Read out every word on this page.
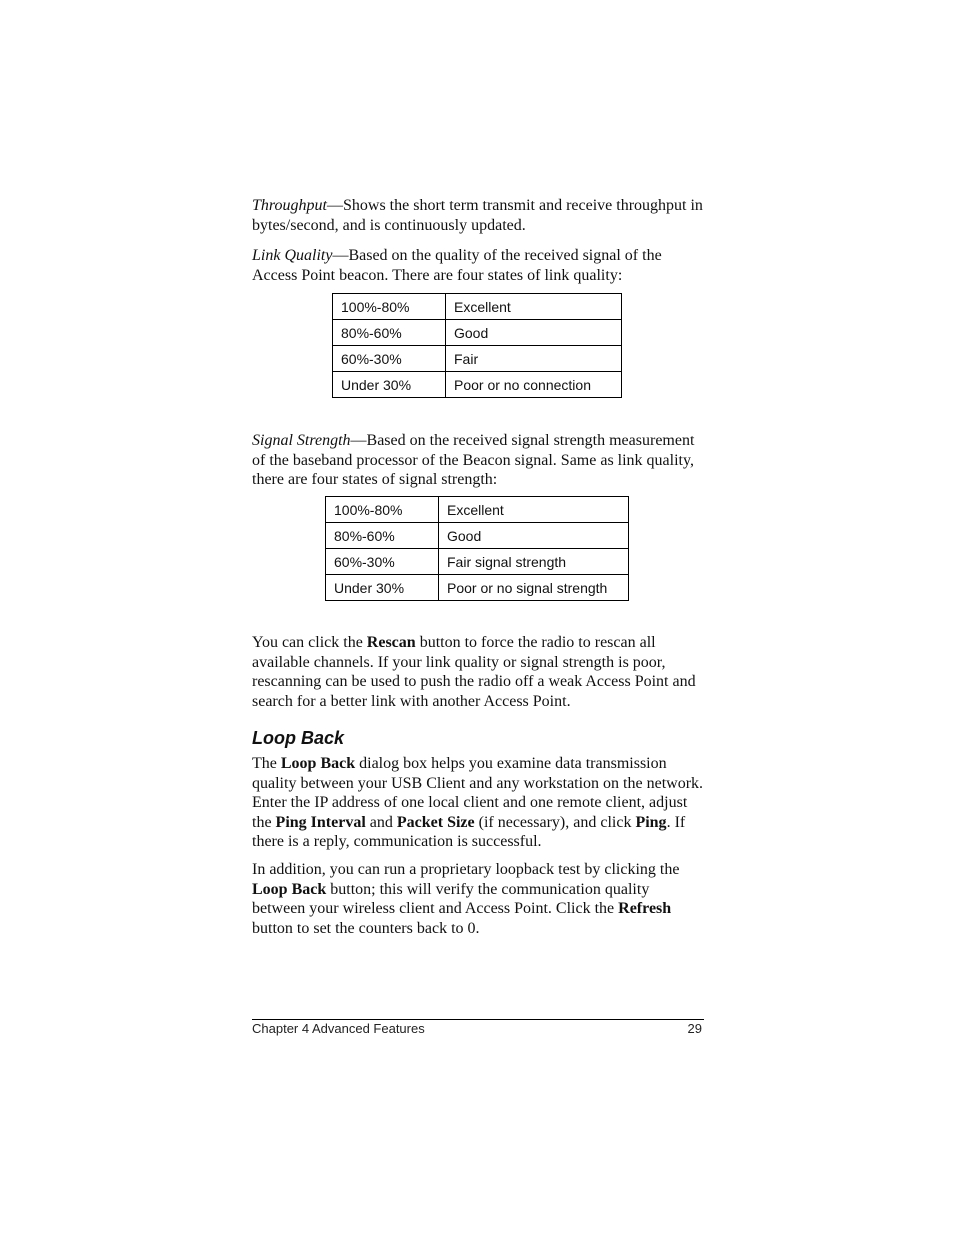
Throughput—Shows the short term transmit and receive throughput in bytes/second, and is continuously updated.

Link Quality—Based on the quality of the received signal of the Access Point beacon. There are four states of link quality:

100%-80%	Excellent
80%-60%	Good
60%-30%	Fair
Under 30%	Poor or no connection

Signal Strength—Based on the received signal strength measurement of the baseband processor of the Beacon signal. Same as link quality, there are four states of signal strength:

100%-80%	Excellent
80%-60%	Good
60%-30%	Fair signal strength
Under 30%	Poor or no signal strength

You can click the Rescan button to force the radio to rescan all available channels. If your link quality or signal strength is poor, rescanning can be used to push the radio off a weak Access Point and search for a better link with another Access Point.

Loop Back

The Loop Back dialog box helps you examine data transmission quality between your USB Client and any workstation on the network. Enter the IP address of one local client and one remote client, adjust the Ping Interval and Packet Size (if necessary), and click Ping. If there is a reply, communication is successful.

In addition, you can run a proprietary loopback test by clicking the Loop Back button; this will verify the communication quality between your wireless client and Access Point. Click the Refresh button to set the counters back to 0.

Chapter 4 Advanced Features	29
